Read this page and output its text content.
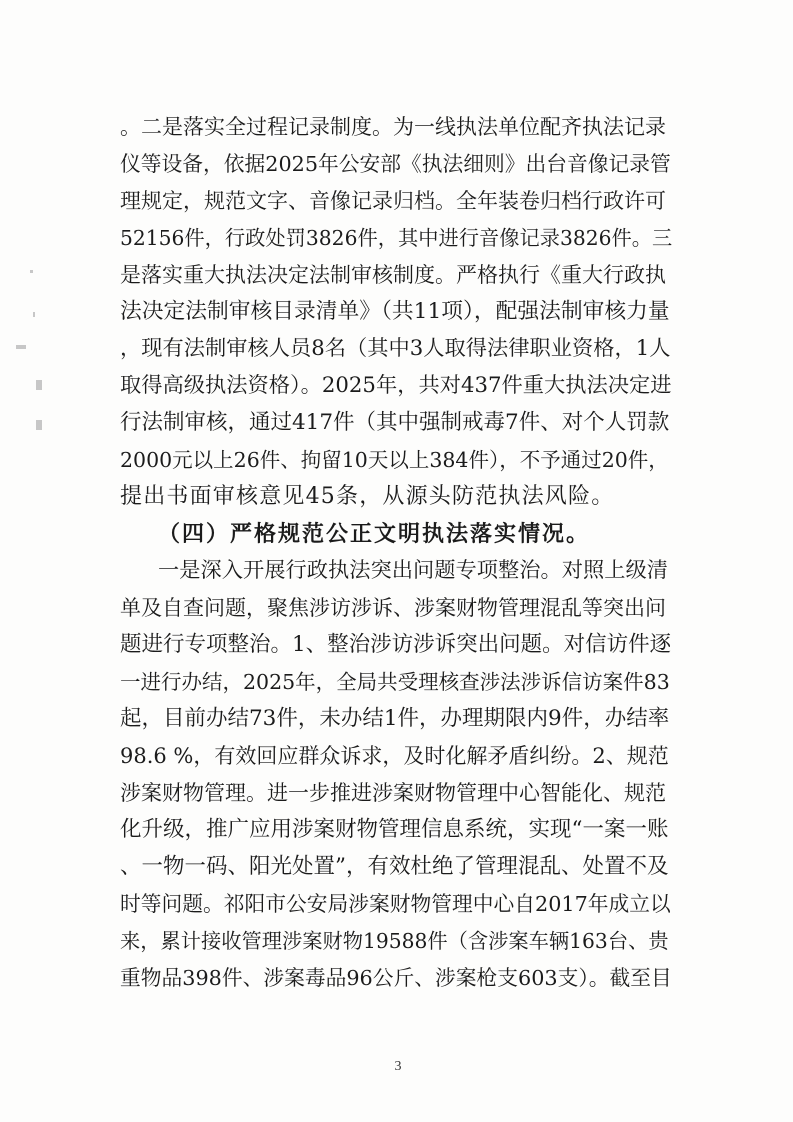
。二是落实全过程记录制度。为一线执法单位配齐执法记录
仪等设备，依据2025年公安部《执法细则》出台音像记录管
理规定，规范文字、音像记录归档。全年装卷归档行政许可
52156件，行政处罚3826件，其中进行音像记录3826件。三
是落实重大执法决定法制审核制度。严格执行《重大行政执
法决定法制审核目录清单》（共11项），配强法制审核力量
，现有法制审核人员8名（其中3人取得法律职业资格，1人
取得高级执法资格）。2025年，共对437件重大执法决定进
行法制审核，通过417件（其中强制戒毒7件、对个人罚款
2000元以上26件、拘留10天以上384件），不予通过20件，
提出书面审核意见45条，从源头防范执法风险。
（四）严格规范公正文明执法落实情况。
一是深入开展行政执法突出问题专项整治。对照上级清
单及自查问题，聚焦涉访涉诉、涉案财物管理混乱等突出问
题进行专项整治。1、整治涉访涉诉突出问题。对信访件逐
一进行办结，2025年，全局共受理核查涉法涉诉信访案件83
起，目前办结73件，未办结1件，办理期限内9件，办结率
98.6 %，有效回应群众诉求，及时化解矛盾纠纷。2、规范
涉案财物管理。进一步推进涉案财物管理中心智能化、规范
化升级，推广应用涉案财物管理信息系统，实现“一案一账
、一物一码、阳光处置”，有效杜绝了管理混乱、处置不及
时等问题。祁阳市公安局涉案财物管理中心自2017年成立以
来，累计接收管理涉案财物19588件（含涉案车辆163台、贵
重物品398件、涉案毒品96公斤、涉案枪支603支）。截至目
3
